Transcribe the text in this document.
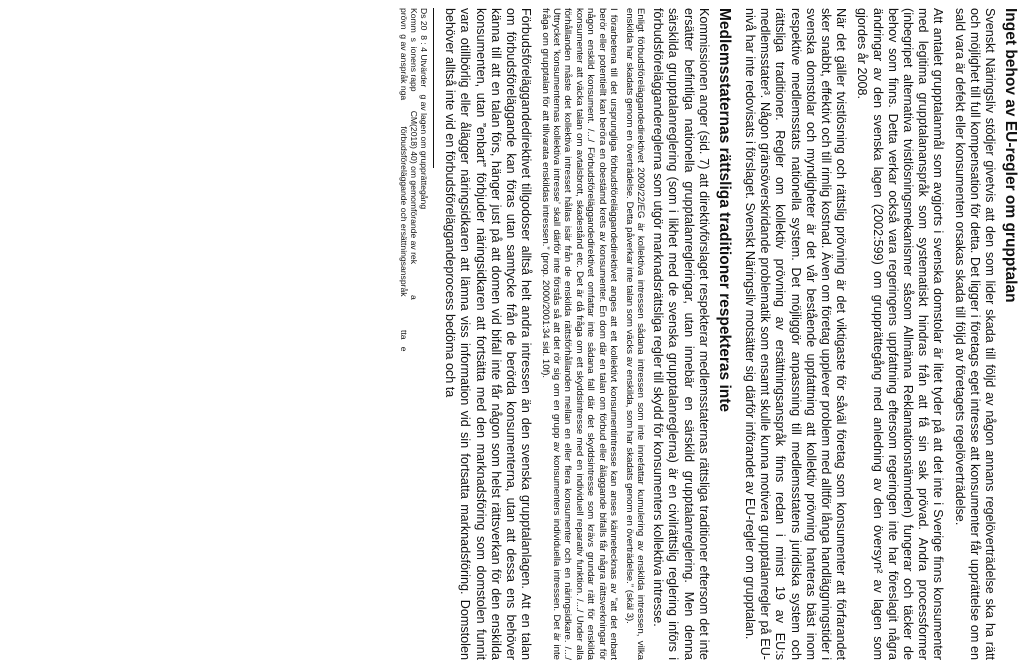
Inget behov av EU-regler om grupptalan

Svenskt Näringsliv stödjer givetvis att den som lider skada till följd av någon annans regelöverträdelse ska ha rätt och möjlighet till full kompensation för detta. Det ligger i företags eget intresse att konsumenter får upprättelse om en sald vara är defekt eller konsumenten orsakas skada till följd av företagets regelöverträdelse.

Att antalet grupptalanmål som avgjorts i svenska domstolar är litet tyder på att det inte i Sverige finns konsumenter med legitima grupptalananspråk som systematiskt hindras från att få sin sak prövad. Andra processformer (inbegripet alternativa tvistlösningsmekanismer såsom Allmänna Reklamationsnämnden) fungerar och täcker de behov som finns. Detta verkar också vara regeringens uppfattning eftersom regeringen inte har föreslagit några ändringar av den svenska lagen (2002:599) om grupprättegång med anledning av den översyn² av lagen som gjordes år 2008.

När det gäller tvistlösning och rättslig prövning är det viktigaste för såväl företag som konsumenter att förfarandet sker snabbt, effektivt och till rimlig kostnad. Även om företag upplever problem med alltför långa handläggningstider i svenska domstolar och myndigheter är det vår bestående uppfattning att kollektiv prövning hanteras bäst inom respektive medlemsstats nationella system. Det möjliggör anpassning till medlemsstatens juridiska system och rättsliga traditioner. Regler om kollektiv prövning av ersättningsanspråk finns redan i minst 19 av EU:s medlemsstater³. Någon gränsöverskridande problematik som ensamt skulle kunna motivera grupptalanregler på EU-nivå har inte redovisats i förslaget. Svenskt Näringsliv motsätter sig därför införandet av EU-regler om grupptalan.

Medlemsstaternas rättsliga traditioner respekteras inte

Kommissionen anger (sid. 7) att direktivförslaget respekterar medlemsstaternas rättsliga traditioner eftersom det inte ersätter befintliga nationella grupptalanregleringar, utan innebär en särskild grupptalanreglering. Men denna särskilda grupptalanreglering (som i likhet med de svenska grupptalanreglerna) är en civilrättslig reglering införs i förbudsföreläggandereglerna som utgör marknadsrättsliga regler till skydd för konsumenters kollektiva intresse.

Enligt förbudsföreläggandedirektivet 2009/22/EG är kollektiva intressen sådana intressen som inte innefattar kumulering av enskilda intressen, vilka enskilda har skadats genom en överträdelse. Detta påverkar inte talan som väcks av enskilda, som har skadats genom en överträdelse.” (skäl 3).

I förarbetena till det ursprungliga förbudsföreläggandedirektivet anges att ett kollektivt konsumentintresse kan anses kännetecknas av ”att det enbart berör eller potentiellt kan beröra en obestämd krets av konsumenter. En dom där en talan om förbud eller åläggande bifalls får några rättsverkningar för någon enskild konsument. /.../ Förbudsföreläggandedirektivet omfattar inte sådana fall där det skyddsintresse som krävs grundar rätt för enskilda konsumenter att väcka talan om avtalsbrott, skadestånd etc. Det är då fråga om ett skyddsintresse med en individuell reparativ funktion. /.../ Under alla förhållanden måste det kollektiva intresset hållas isär från de enskilda rättsförhållanden mellan en eller flera konsumenter och en näringsidkare. /.../ Uttrycket ’konsumenternas kollektiva intresse’ skall därför inte förstås så att det rör sig om en grupp av konsumenters individuella intressen. Det är inte fråga om grupptalan för att tillvarata enskildas intressen.” (prop. 2000/2001:34 sid. 10f).

Förbudsföreläggandedirektivet tillgodoser alltså helt andra intressen än den svenska grupptalanlagen. Att en talan om förbudsföreläggande kan föras utan samtycke från de berörda konsumenterna, utan att dessa ens behöver känna till att en talan förs, hänger just på att domen vid bifall inte får någon som helst rättsverkan för den enskilda konsumenten, utan ”enbart” förbjuder näringsidkaren att fortsätta med den marknadsföring som domstolen funnit vara otillbörlig eller ålägger näringsidkaren att lämna viss information vid sin fortsatta marknadsföring. Domstolen behöver alltså inte vid en förbudsföreläggandeprocess bedöma och ta

Ds 20  8 : 4 Utvärder   g av lagen om grupprättegång
Komm  s  ionens rapp        CM(2018) 40) om gemomförande av rek             a
prövn  g av anspråk nga           förbudsföreläggande och ersättningsanspråk              tta   e
